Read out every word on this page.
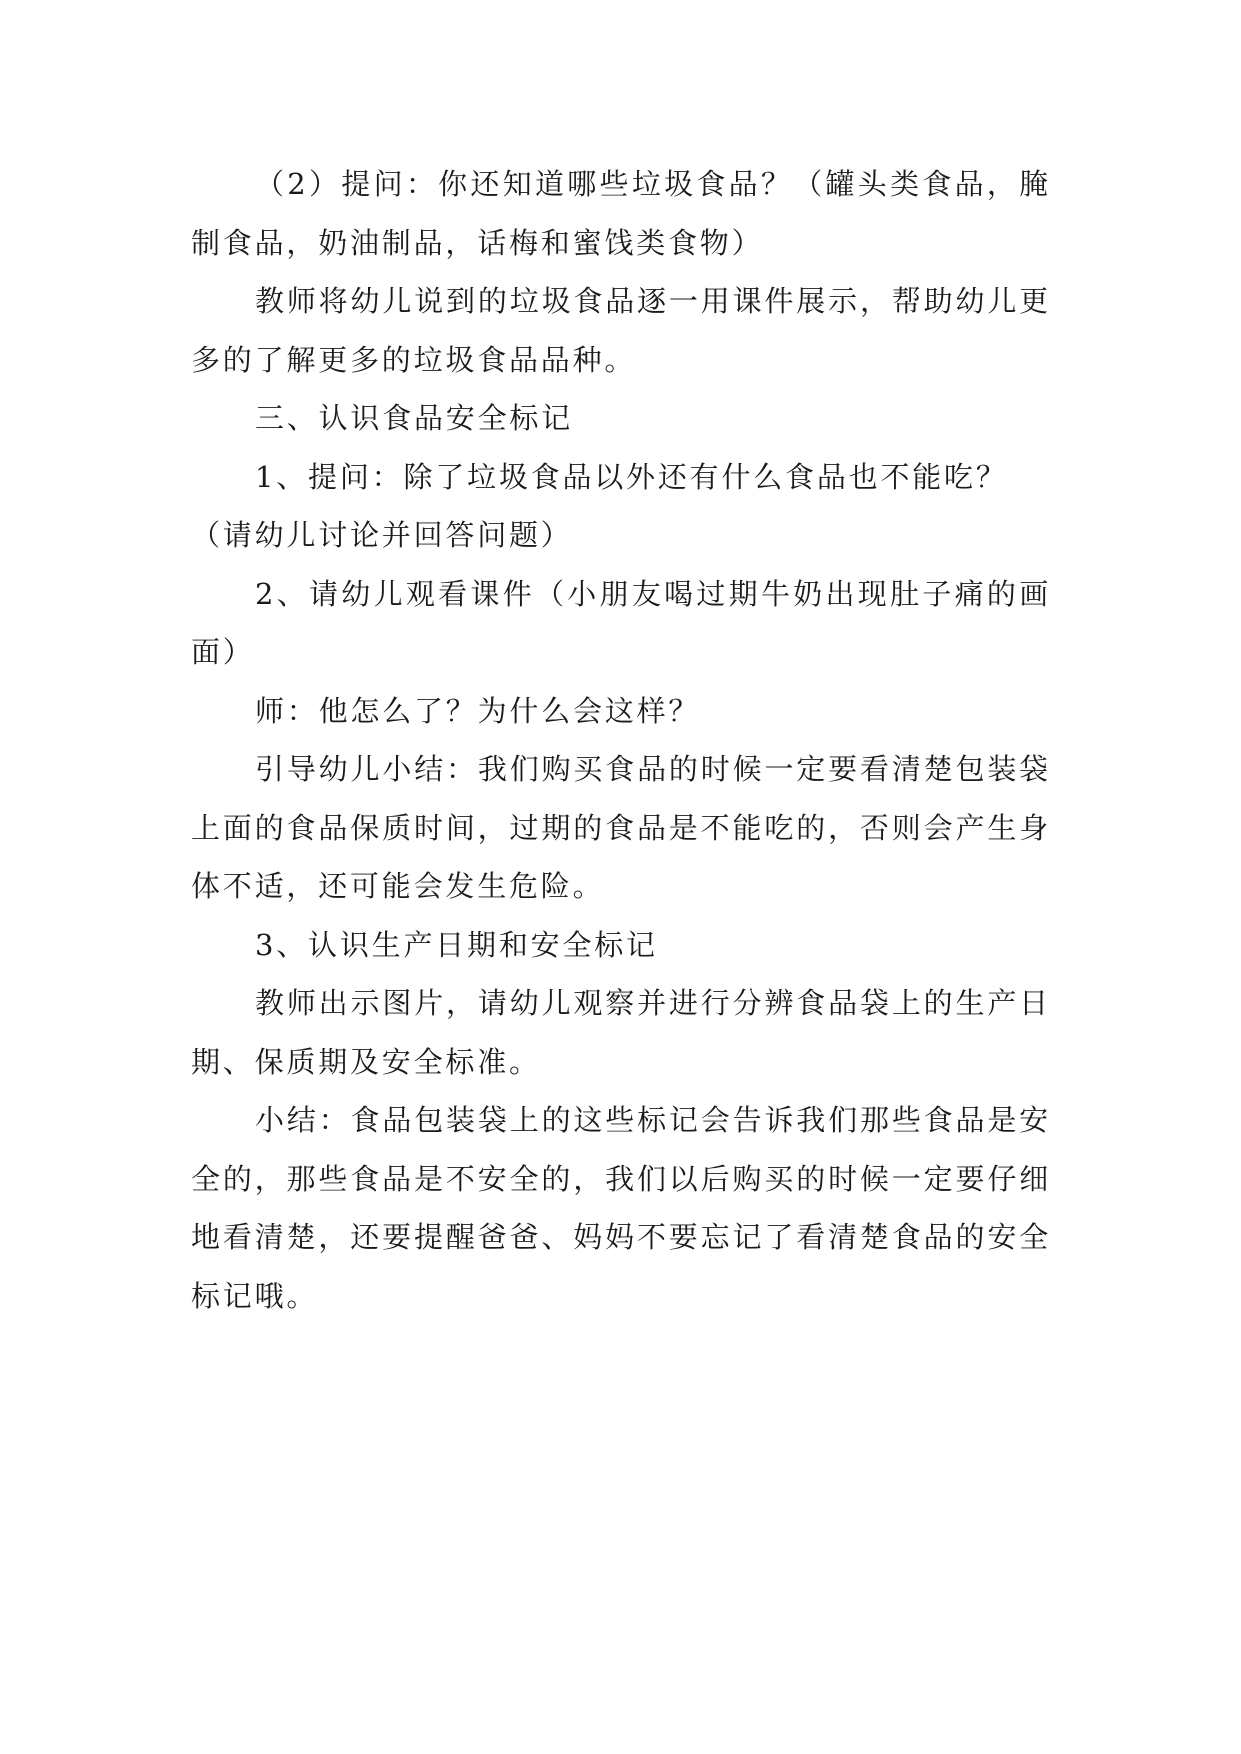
（2）提问：你还知道哪些垃圾食品？（罐头类食品，腌制食品，奶油制品，话梅和蜜饯类食物）

教师将幼儿说到的垃圾食品逐一用课件展示，帮助幼儿更多的了解更多的垃圾食品品种。

三、认识食品安全标记

1、提问：除了垃圾食品以外还有什么食品也不能吃？

（请幼儿讨论并回答问题）

2、请幼儿观看课件（小朋友喝过期牛奶出现肚子痛的画面）

师：他怎么了？为什么会这样？

引导幼儿小结：我们购买食品的时候一定要看清楚包装袋上面的食品保质时间，过期的食品是不能吃的，否则会产生身体不适，还可能会发生危险。

3、认识生产日期和安全标记

教师出示图片，请幼儿观察并进行分辨食品袋上的生产日期、保质期及安全标准。

小结：食品包装袋上的这些标记会告诉我们那些食品是安全的，那些食品是不安全的，我们以后购买的时候一定要仔细地看清楚，还要提醒爸爸、妈妈不要忘记了看清楚食品的安全标记哦。
